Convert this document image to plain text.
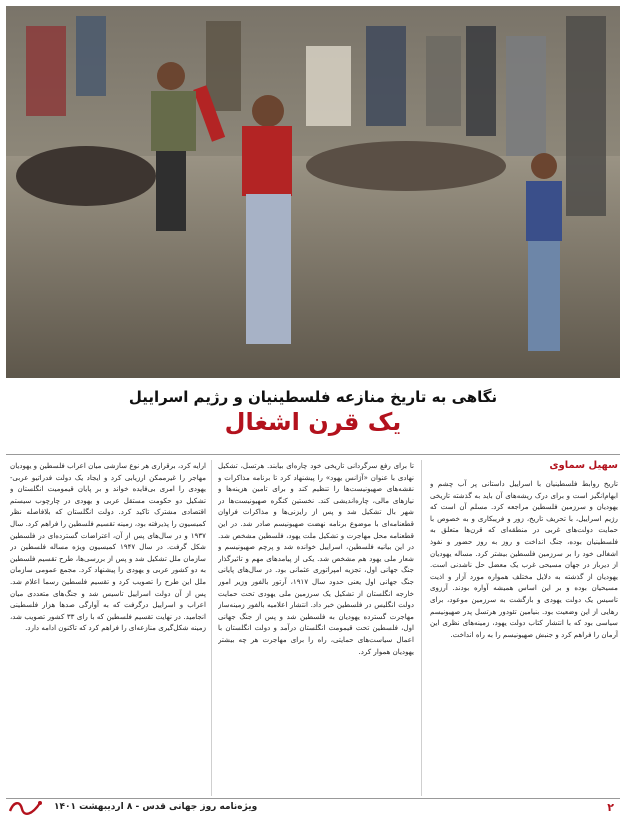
نگاهی به تاریخ منازعه فلسطینیان و رژیم اسراییل
یک قرن اشغال
سهیل سماوی

تاریخ روابط فلسطینیان با اسراییل داستانی پر آب چشم و ابهام‌انگیز است و برای درک ریشه‌های آن باید به گذشته تاریخی یهودیان و سرزمین فلسطین مراجعه کرد. مسلم آن است که رژیم اسراییل، با تحریف تاریخ، زور و فریبکاری و به خصوص با حمایت دولت‌های غربی در منطقه‌ای که قرن‌ها متعلق به فلسطینیان بوده، جنگ انداخت و روز به روز حضور و نفوذ اشغالی خود را بر سرزمین فلسطین بیشتر کرد. مساله یهودیان از دیرباز در جهان مسیحی غرب یک معضل حل ناشدنی است. یهودیان از گذشته به دلایل مختلف همواره مورد آزار و اذیت مسیحیان بوده و بر این اساس همیشه آواره بودند. آرزوی تاسیس یک دولت یهودی و بازگشت به سرزمین موعود، برای رهایی از این وضعیت بود. بنیامین تئودور هرتسل پدر صهیونیسم سیاسی بود که با انتشار کتاب دولت یهود، زمینه‌های نظری این آرمان را فراهم کرد و جنبش صهیونیسم را به راه انداخت.

تا برای رفع سرگردانی تاریخی خود چاره‌ای بیابند. هرتسل، تشکیل نهادی با عنوان «آژانس یهود» را پیشنهاد کرد تا برنامه مذاکرات و نقشه‌های صهیونیست‌ها را تنظیم کند و برای تامین هزینه‌ها و نیازهای مالی، چاره‌اندیشی کند. نخستین کنگره صهیونیست‌ها در شهر بال تشکیل شد و پس از رایزنی‌ها و مذاکرات فراوان قطعنامه‌ای با موضوع برنامه نهضت صهیونیسم صادر شد. در این قطعنامه محل مهاجرت و تشکیل ملت یهود، فلسطین مشخص شد. در این بیانیه فلسطین، اسراییل خوانده شد و پرچم صهیونیسم و شعار ملی یهود هم مشخص شد. یکی از پیامدهای مهم و تاثیرگذار جنگ جهانی اول، تجزیه امپراتوری عثمانی بود. در سال‌های پایانی جنگ جهانی اول یعنی حدود سال ۱۹۱۷، آرتور بالفور وزیر امور خارجه انگلستان از تشکیل یک سرزمین ملی یهودی تحت حمایت دولت انگلیس در فلسطین خبر داد. انتشار اعلامیه بالفور زمینه‌ساز مهاجرت گسترده یهودیان به فلسطین شد و پس از جنگ جهانی اول، فلسطین تحت قیمومت انگلستان درآمد و دولت انگلستان با اعمال سیاست‌های حمایتی، راه را برای مهاجرت هر چه بیشتر یهودیان هموار کرد.

ارایه کرد، برقراری هر نوع سازشی میان اعراب فلسطین و یهودیان مهاجر را غیرممکن ارزیابی کرد و ایجاد یک دولت فدراتیو عربی-یهودی را امری بی‌فایده خواند و بر پایان قیمومیت انگلستان و تشکیل دو حکومت مستقل عربی و یهودی در چارچوب سیستم اقتصادی مشترک تاکید کرد. دولت انگلستان که بلافاصله نظر کمیسیون را پذیرفته بود، زمینه تقسیم فلسطین را فراهم کرد. سال ۱۹۳۷ و در سال‌های پس از آن، اعتراضات گسترده‌ای در فلسطین شکل گرفت. در سال ۱۹۴۷ کمیسیون ویژه مساله فلسطین در سازمان ملل تشکیل شد و پس از بررسی‌ها، طرح تقسیم فلسطین به دو کشور عربی و یهودی را پیشنهاد کرد. مجمع عمومی سازمان ملل این طرح را تصویب کرد و تقسیم فلسطین رسما اعلام شد. پس از آن دولت اسراییل تاسیس شد و جنگ‌های متعددی میان اعراب و اسراییل درگرفت که به آوارگی صدها هزار فلسطینی انجامید. در نهایت تقسیم فلسطین که با رای ۳۳ کشور تصویب شد، زمینه شکل‌گیری منازعه‌ای را فراهم کرد که تاکنون ادامه دارد.

۲
ویژه‌نامه روز جهانی قدس - ۸ اردیبهشت ۱۴۰۱
